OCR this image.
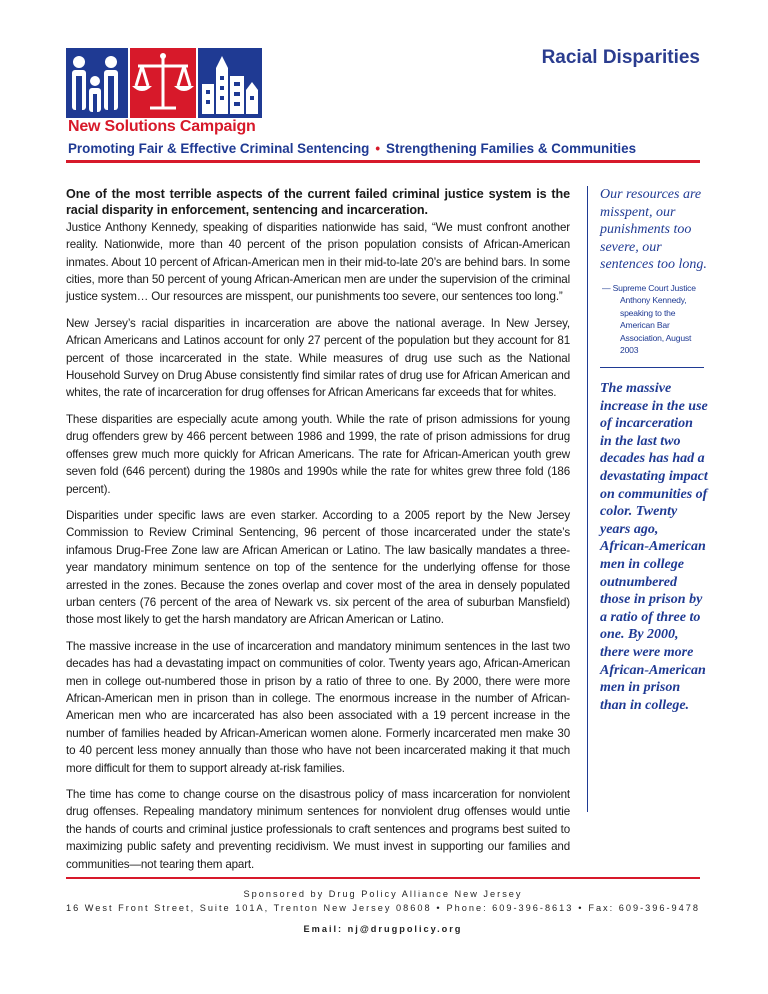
New Solutions Campaign
Racial Disparities
Promoting Fair & Effective Criminal Sentencing • Strengthening Families & Communities

One of the most terrible aspects of the current failed criminal justice system is the racial disparity in enforcement, sentencing and incarceration.

Justice Anthony Kennedy, speaking of disparities nationwide has said, “We must confront another reality. Nationwide, more than 40 percent of the prison population consists of African-American inmates. About 10 percent of African-American men in their mid-to-late 20’s are behind bars. In some cities, more than 50 percent of young African-American men are under the supervision of the criminal justice system… Our resources are misspent, our punishments too severe, our sentences too long.”

New Jersey’s racial disparities in incarceration are above the national average. In New Jersey, African Americans and Latinos account for only 27 percent of the population but they account for 81 percent of those incarcerated in the state. While measures of drug use such as the National Household Survey on Drug Abuse consistently find similar rates of drug use for African American and whites, the rate of incarceration for drug offenses for African Americans far exceeds that for whites.

These disparities are especially acute among youth. While the rate of prison admissions for young drug offenders grew by 466 percent between 1986 and 1999, the rate of prison admissions for drug offenses grew much more quickly for African Americans. The rate for African-American youth grew seven fold (646 percent) during the 1980s and 1990s while the rate for whites grew three fold (186 percent).

Disparities under specific laws are even starker. According to a 2005 report by the New Jersey Commission to Review Criminal Sentencing, 96 percent of those incarcerated under the state’s infamous Drug-Free Zone law are African American or Latino. The law basically mandates a three-year mandatory minimum sentence on top of the sentence for the underlying offense for those arrested in the zones. Because the zones overlap and cover most of the area in densely populated urban centers (76 percent of the area of Newark vs. six percent of the area of suburban Mansfield) those most likely to get the harsh mandatory are African American or Latino.

The massive increase in the use of incarceration and mandatory minimum sentences in the last two decades has had a devastating impact on communities of color. Twenty years ago, African-American men in college out-numbered those in prison by a ratio of three to one. By 2000, there were more African-American men in prison than in college. The enormous increase in the number of African-American men who are incarcerated has also been associated with a 19 percent increase in the number of families headed by African-American women alone. Formerly incarcerated men make 30 to 40 percent less money annually than those who have not been incarcerated making it that much more difficult for them to support already at-risk families.

The time has come to change course on the disastrous policy of mass incarceration for nonviolent drug offenses. Repealing mandatory minimum sentences for nonviolent drug offenses would untie the hands of courts and criminal justice professionals to craft sentences and programs best suited to maximizing public safety and preventing recidivism. We must invest in supporting our families and communities—not tearing them apart.

Our resources are misspent, our punishments too severe, our sentences too long.

— Supreme Court Justice Anthony Kennedy, speaking to the American Bar Association, August 2003

The massive increase in the use of incarceration in the last two decades has had a devastating impact on communities of color. Twenty years ago, African-American men in college outnumbered those in prison by a ratio of three to one. By 2000, there were more African-American men in prison than in college.

Sponsored by Drug Policy Alliance New Jersey
16 West Front Street, Suite 101A, Trenton New Jersey 08608 • Phone: 609-396-8613 • Fax: 609-396-9478
Email: nj@drugpolicy.org
